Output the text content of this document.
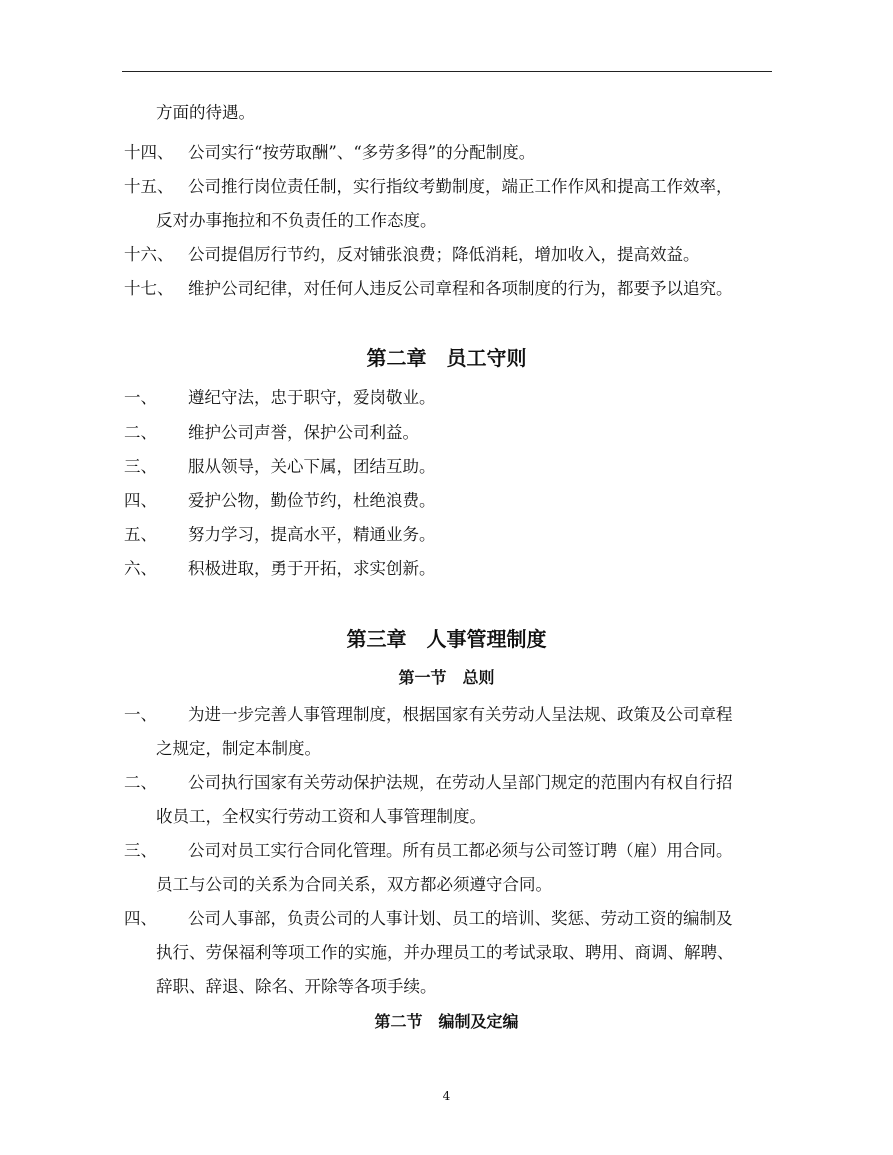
方面的待遇。
十四、 公司实行“按劳取酬”、“多劳多得”的分配制度。
十五、 公司推行岗位责任制，实行指纹考勤制度，端正工作作风和提高工作效率，
反对办事拖拉和不负责任的工作态度。
十六、 公司提倡厉行节约，反对铺张浪费；降低消耗，增加收入，提高效益。
十七、 维护公司纪律，对任何人违反公司章程和各项制度的行为，都要予以追究。
第二章　员工守则
一、 遵纪守法，忠于职守，爱岗敬业。
二、 维护公司声誉，保护公司利益。
三、 服从领导，关心下属，团结互助。
四、 爱护公物，勤俭节约，杜绝浪费。
五、 努力学习，提高水平，精通业务。
六、 积极进取，勇于开拓，求实创新。
第三章　人事管理制度
第一节　总则
一、 为进一步完善人事管理制度，根据国家有关劳动人呈法规、政策及公司章程
之规定，制定本制度。
二、 公司执行国家有关劳动保护法规，在劳动人呈部门规定的范围内有权自行招
收员工，全权实行劳动工资和人事管理制度。
三、 公司对员工实行合同化管理。所有员工都必须与公司签订聘（雇）用合同。
员工与公司的关系为合同关系，双方都必须遵守合同。
四、 公司人事部，负责公司的人事计划、员工的培训、奖惩、劳动工资的编制及
执行、劳保福利等项工作的实施，并办理员工的考试录取、聘用、商调、解聘、
辞职、辞退、除名、开除等各项手续。
第二节　编制及定编
4
